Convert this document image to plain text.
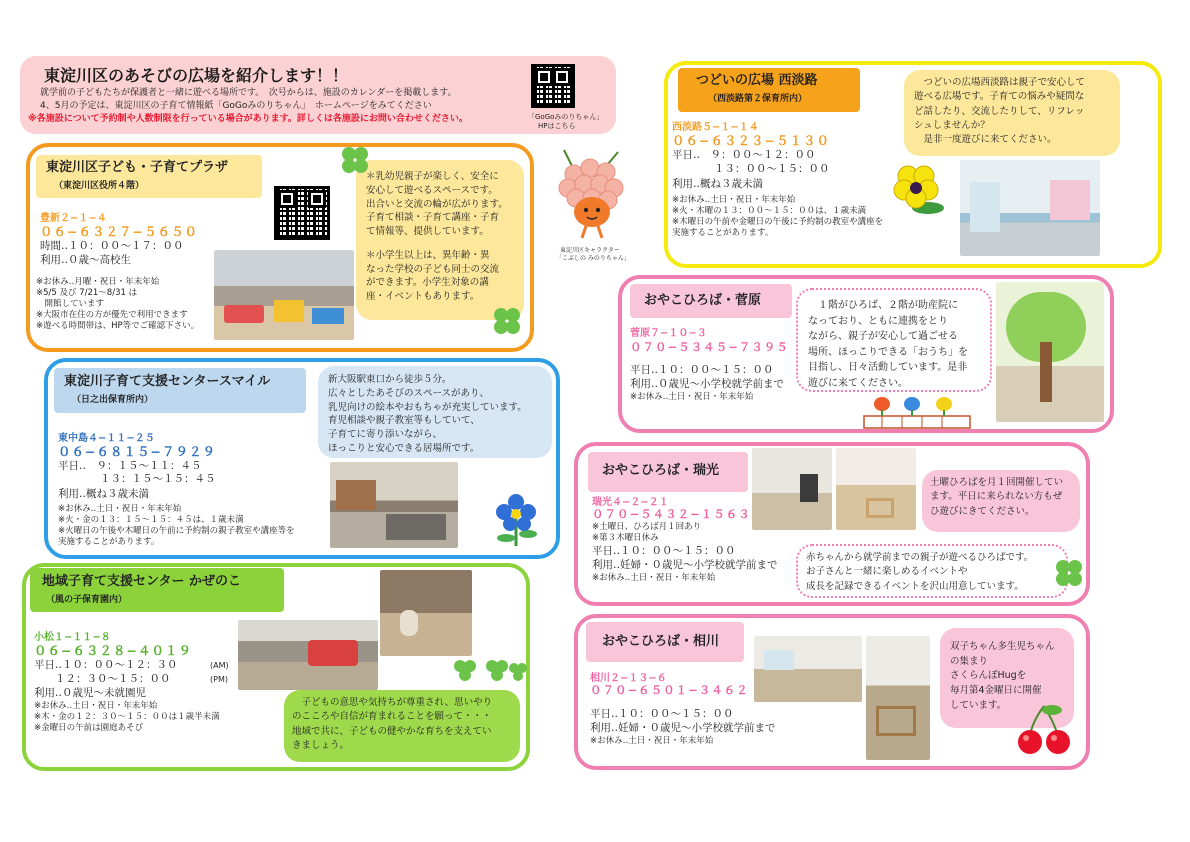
東淀川区のあそびの広場を紹介します！！
就学前の子どもたちが保護者と一緒に遊べる場所です。　次号からは、施設のカレンダーを掲載します。
4、5月の予定は、東淀川区の子育て情報紙「GoGoみのりちゃん」　ホームページをみてください
※各施設について予約制や人数制限を行っている場合があります。詳しくは各施設にお問い合わせください。	「GoGoみのりちゃん」
HPはこちら
東淀川区キャラクター
「こぶしの みのりちゃん」
東淀川区子ども・子育てプラザ
（東淀川区役所４階）
豊新２−１−４
０６−６３２７−５６５０
時間‥１０：００〜１７：００
利用‥０歳〜高校生
※お休み‥月曜・祝日・年末年始
※5/5 及び 7/21〜8/31 は
　開館しています
※大阪市在住の方が優先で利用できます
※遊べる時間帯は、HP等でご確認下さい。
＊乳幼児親子が楽しく、安全に
安心して遊べるスペースです。
出合いと交流の輪が広がります。
子育て相談・子育て講座・子育
て情報等、提供しています。
＊小学生以上は、異年齢・異
なった学校の子ども同士の交流
ができます。小学生対象の講
座・イベントもあります。
東淀川子育て支援センタースマイル
（日之出保育所内）
東中島４−１１−２５
０６−６８１５−７９２９
平日‥　９：１５〜１１：４５
　　　　１３：１５〜１５：４５
利用‥概ね３歳未満
※お休み‥土日・祝日・年末年始
※火・金の１３：１５〜１５：４５は、１歳未満
※火曜日の午後や木曜日の午前に予約制の親子教室や講座等を
実施することがあります。
新大阪駅東口から徒歩５分。
広々としたあそびのスペースがあり、
乳児向けの絵本やおもちゃが充実しています。
育児相談や親子教室等もしていて、
子育てに寄り添いながら、
ほっこりと安心できる居場所です。
地域子育て支援センター かぜのこ
（風の子保育園内）
小松１−１１−８
０６−６３２８−４０１９
平日‥１０：００〜１２：３０	(AM)
　　１２：３０〜１５：００	(PM)
利用‥０歳児〜未就園児
※お休み‥土日・祝日・年末年始
※木・金の１２：３０〜１５：００は１歳半未満
※金曜日の午前は園庭あそび
　子どもの意思や気持ちが尊重され、思いやり
のこころや自信が育まれることを願って・・・
地域で共に、子どもの健やかな育ちを支えてい
きましょう。
つどいの広場 西淡路
（西淡路第２保育所内）
西淡路５−１−１４
０６−６３２３−５１３０
平日‥　９：００〜１２：００
　　　　１３：００〜１５：００
利用‥概ね３歳未満
※お休み‥土日・祝日・年末年始
※火・木曜の１３：００〜１５：００は、１歳未満
※木曜日の午前や金曜日の午後に予約制の教室や講座を
実施することがあります。
　つどいの広場西淡路は親子で安心して
遊べる広場です。子育ての悩みや疑問な
ど話したり、交流したりして、リフレッ
シュしませんか？
　是非一度遊びに来てください。
おやこひろば・菅原
菅原７−１０−３
０７０−５３４５−７３９５
平日‥１０：００〜１５：００
利用‥０歳児〜小学校就学前まで
※お休み‥土日・祝日・年末年始
　１階がひろば、２階が助産院に
なっており、ともに連携をとり
ながら、親子が安心して過ごせる
場所、ほっこりできる「おうち」を
目指し、日々活動しています。是非
遊びに来てください。
おやこひろば・瑞光
瑞光４−２−２１
０７０−５４３２−１５６３
※土曜日、ひろば月１回あり
※第３木曜日休み
平日‥１０：００〜１５：００
利用‥妊婦・０歳児〜小学校就学前まで
※お休み‥土日・祝日・年末年始
土曜ひろばを月１回開催してい
ます。平日に来られない方もぜ
ひ遊びにきてください。
赤ちゃんから就学前までの親子が遊べるひろばです。
お子さんと一緒に楽しめるイベントや
成長を記録できるイベントを沢山用意しています。
おやこひろば・相川
相川２−１３−６
０７０−６５０１−３４６２
平日‥１０：００〜１５：００
利用‥妊婦・０歳児〜小学校就学前まで
※お休み‥土日・祝日・年末年始
双子ちゃん多生児ちゃん
の集まり
さくらんぼHugを
毎月第4金曜日に開催
しています。
